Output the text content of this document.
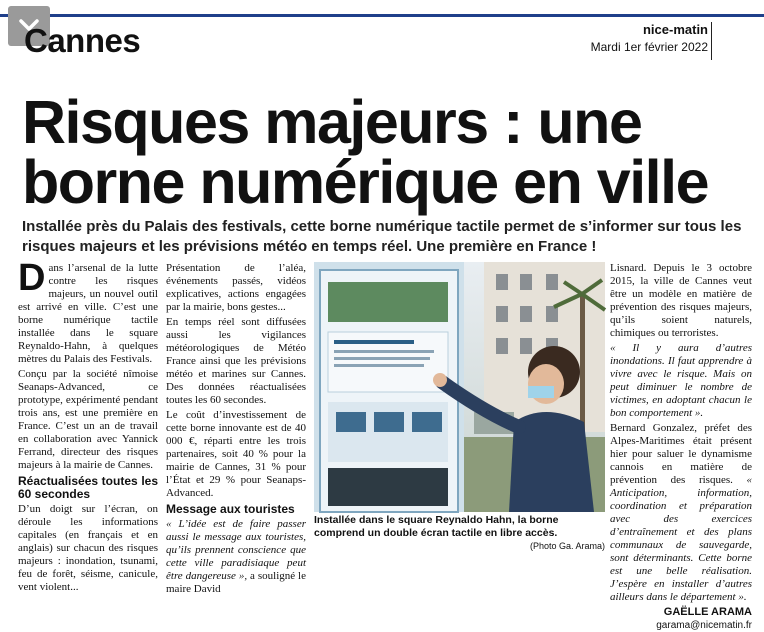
Cannes	nice-matin
Mardi 1er février 2022
Risques majeurs : une
borne numérique en ville
Installée près du Palais des festivals, cette borne numérique tactile permet de s’informer sur tous les risques majeurs et les prévisions météo en temps réel. Une première en France !

Dans l’arsenal de la lutte contre les risques majeurs, un nouvel outil est arrivé en ville. C’est une borne numérique tactile installée dans le square Reynaldo-Hahn, à quelques mètres du Palais des Festivals.

Conçu par la société nîmoise Seanaps-Advanced, ce prototype, expérimenté pendant trois ans, est une première en France. C’est un an de travail en collaboration avec Yannick Ferrand, directeur des risques majeurs à la mairie de Cannes.

Réactualisées toutes les 60 secondes

D’un doigt sur l’écran, on déroule les informations capitales (en français et en anglais) sur chacun des risques majeurs : inondation, tsunami, feu de forêt, séisme, canicule, vent violent...

Présentation de l’aléa, événements passés, vidéos explicatives, actions engagées par la mairie, bons gestes...

En temps réel sont diffusées aussi les vigilances météorologiques de Météo France ainsi que les prévisions météo et marines sur Cannes. Des données réactualisées toutes les 60 secondes.

Le coût d’investissement de cette borne innovante est de 40 000 €, réparti entre les trois partenaires, soit 40 % pour la mairie de Cannes, 31 % pour l’État et 29 % pour Seanaps-Advanced.

Message aux touristes

« L’idée est de faire passer aussi le message aux touristes, qu’ils prennent conscience que cette ville paradisiaque peut être dangereuse », a souligné le maire David

Installée dans le square Reynaldo Hahn, la borne comprend un double écran tactile en libre accès.
(Photo Ga. Arama)

Lisnard. Depuis le 3 octobre 2015, la ville de Cannes veut être un modèle en matière de prévention des risques majeurs, qu’ils soient naturels, chimiques ou terroristes.

« Il y aura d’autres inondations. Il faut apprendre à vivre avec le risque. Mais on peut diminuer le nombre de victimes, en adoptant chacun le bon comportement ».

Bernard Gonzalez, préfet des Alpes-Maritimes était présent hier pour saluer le dynamisme cannois en matière de prévention des risques. « Anticipation, information, coordination et préparation avec des exercices d’entraînement et des plans communaux de sauvegarde, sont déterminants. Cette borne est une belle réalisation. J’espère en installer d’autres ailleurs dans le département ».

GAËLLE ARAMA
garama@nicematin.fr
